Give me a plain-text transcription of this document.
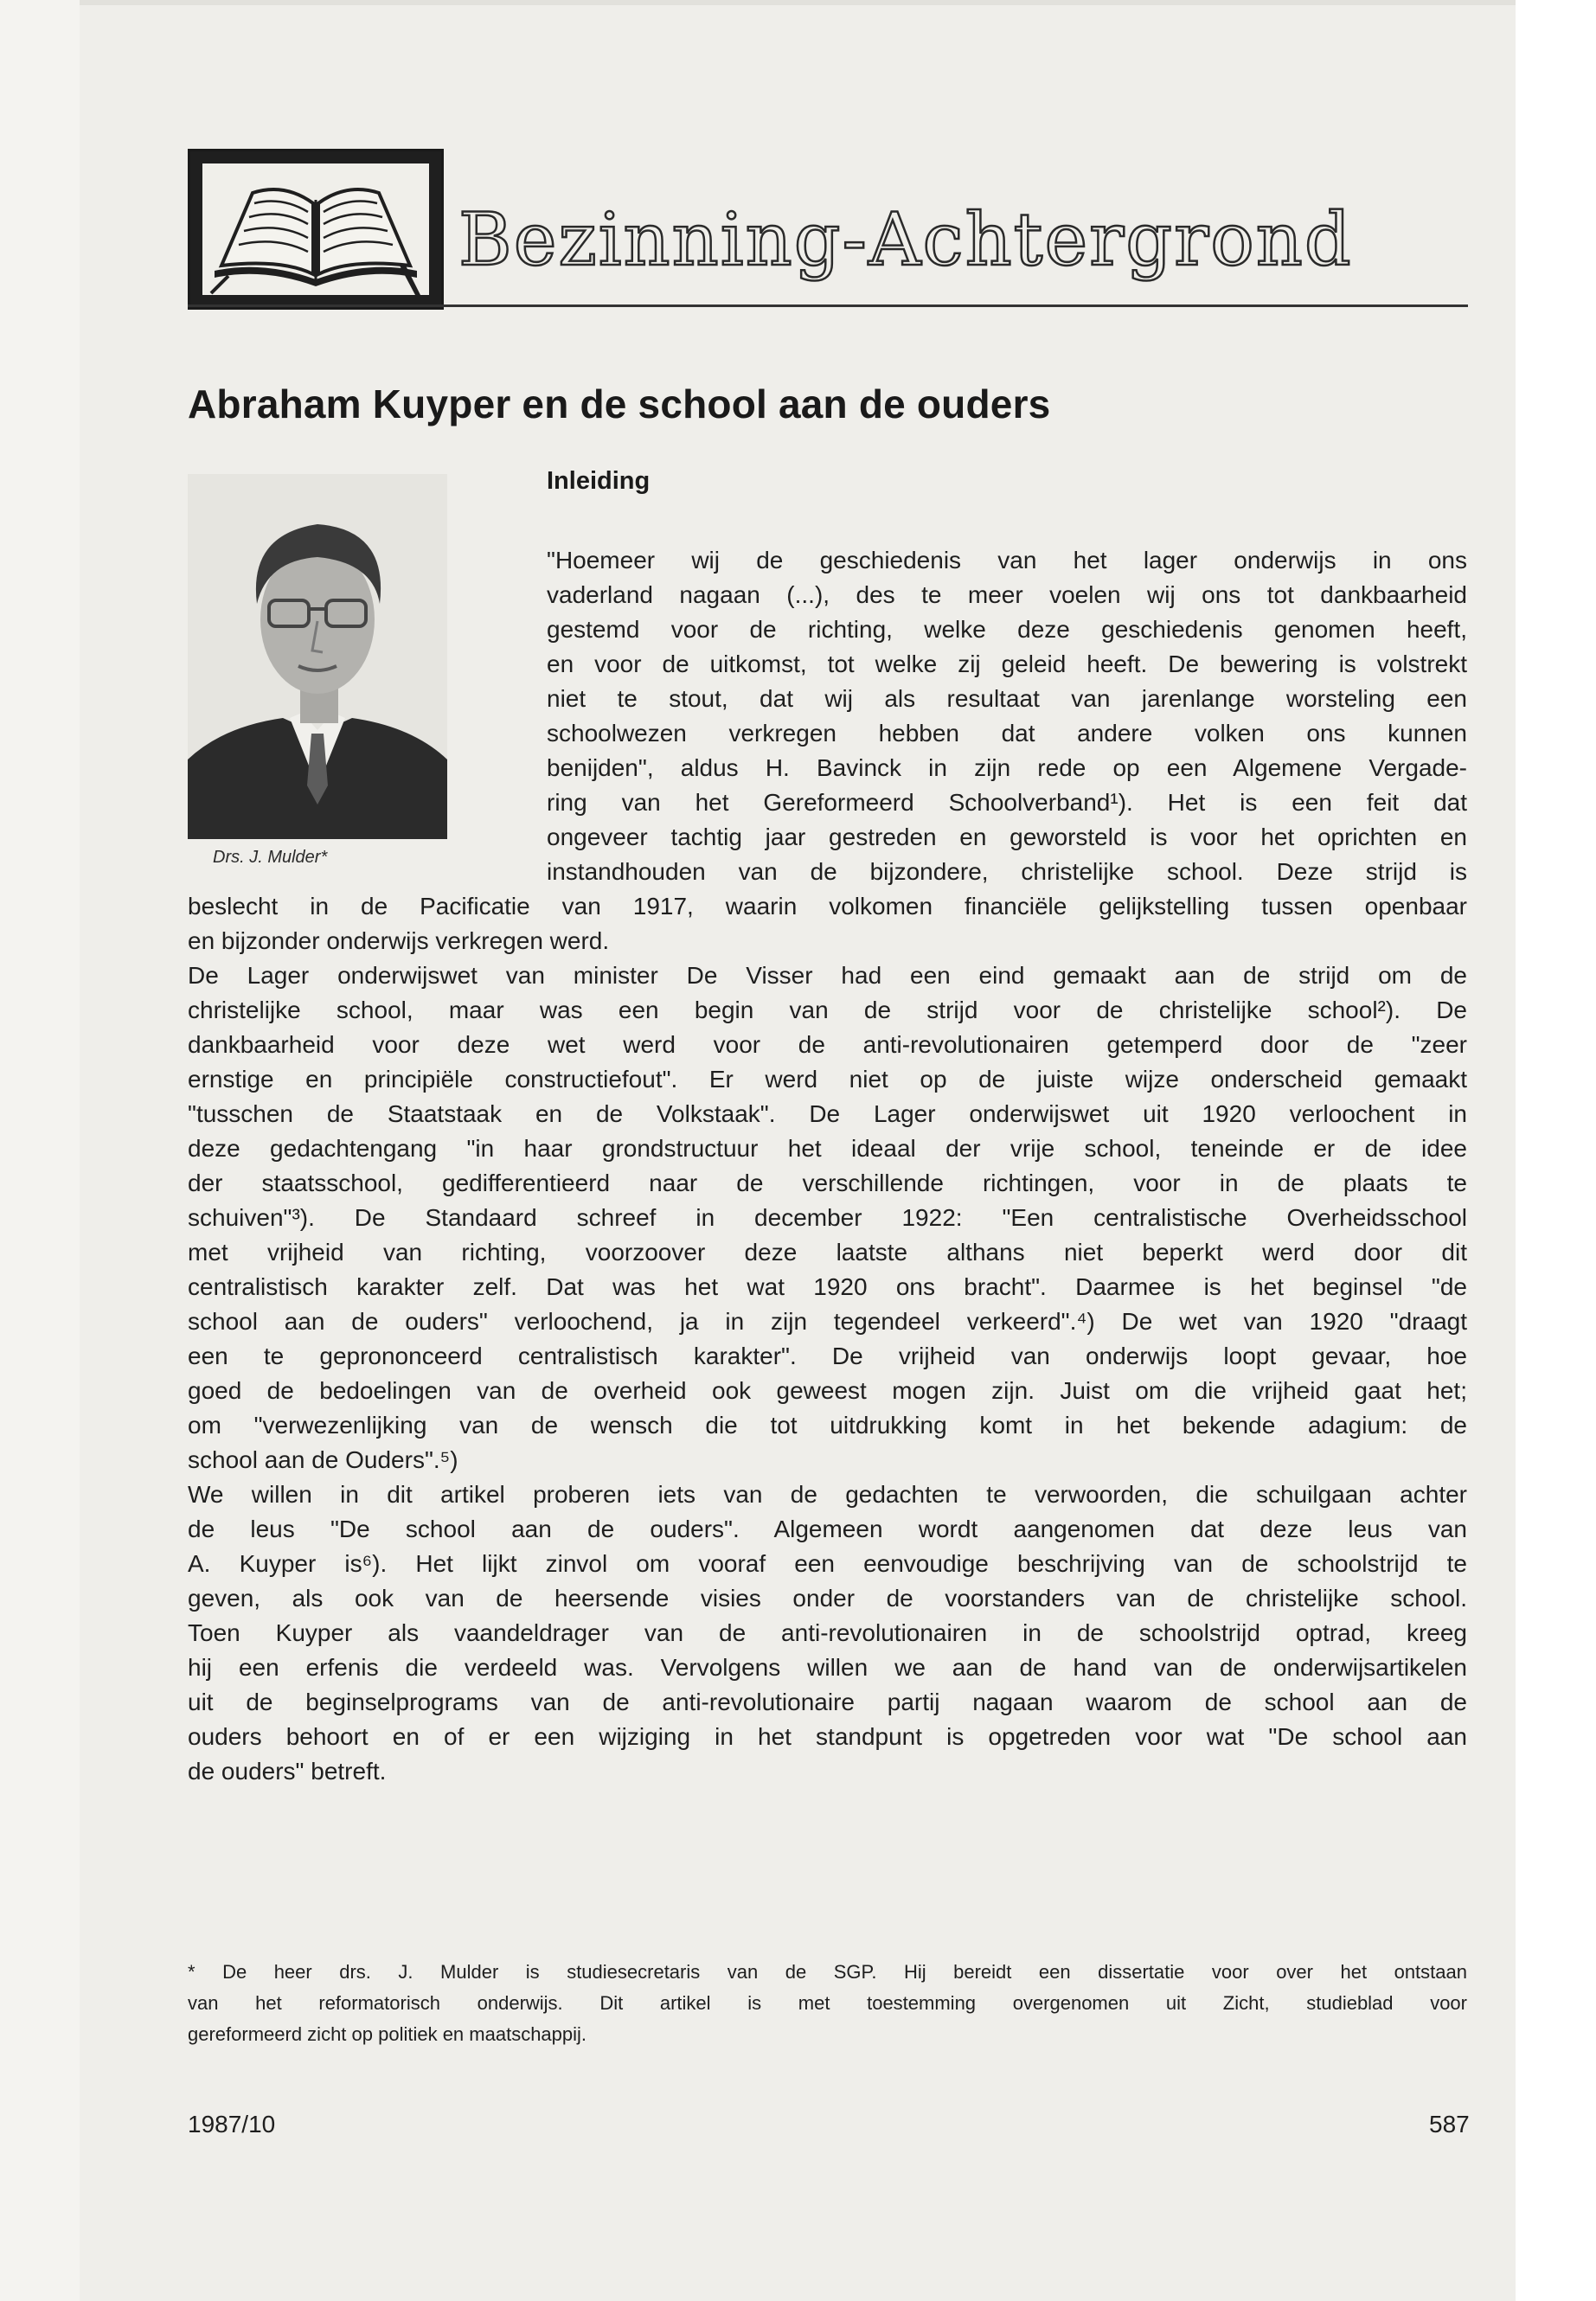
Bezinning-Achtergrond
Abraham Kuyper en de school aan de ouders
Drs. J. Mulder*
Inleiding
"Hoemeer wij de geschiedenis van het lager onderwijs in ons
vaderland nagaan (...), des te meer voelen wij ons tot dankbaarheid
gestemd voor de richting, welke deze geschiedenis genomen heeft,
en voor de uitkomst, tot welke zij geleid heeft. De bewering is volstrekt
niet te stout, dat wij als resultaat van jarenlange worsteling een
schoolwezen verkregen hebben dat andere volken ons kunnen
benijden", aldus H. Bavinck in zijn rede op een Algemene Vergade-
ring van het Gereformeerd Schoolverband¹). Het is een feit dat
ongeveer tachtig jaar gestreden en geworsteld is voor het oprichten en
instandhouden van de bijzondere, christelijke school. Deze strijd is
beslecht in de Pacificatie van 1917, waarin volkomen financiële gelijkstelling tussen openbaar
en bijzonder onderwijs verkregen werd.
De Lager onderwijswet van minister De Visser had een eind gemaakt aan de strijd om de
christelijke school, maar was een begin van de strijd voor de christelijke school²). De
dankbaarheid voor deze wet werd voor de anti-revolutionairen getemperd door de "zeer
ernstige en principiële constructiefout". Er werd niet op de juiste wijze onderscheid gemaakt
"tusschen de Staatstaak en de Volkstaak". De Lager onderwijswet uit 1920 verloochent in
deze gedachtengang "in haar grondstructuur het ideaal der vrije school, teneinde er de idee
der staatsschool, gedifferentieerd naar de verschillende richtingen, voor in de plaats te
schuiven"³). De Standaard schreef in december 1922: "Een centralistische Overheidsschool
met vrijheid van richting, voorzoover deze laatste althans niet beperkt werd door dit
centralistisch karakter zelf. Dat was het wat 1920 ons bracht". Daarmee is het beginsel "de
school aan de ouders" verloochend, ja in zijn tegendeel verkeerd".⁴) De wet van 1920 "draagt
een te geprononceerd centralistisch karakter". De vrijheid van onderwijs loopt gevaar, hoe
goed de bedoelingen van de overheid ook geweest mogen zijn. Juist om die vrijheid gaat het;
om "verwezenlijking van de wensch die tot uitdrukking komt in het bekende adagium: de
school aan de Ouders".⁵)
We willen in dit artikel proberen iets van de gedachten te verwoorden, die schuilgaan achter
de leus "De school aan de ouders". Algemeen wordt aangenomen dat deze leus van
A. Kuyper is⁶). Het lijkt zinvol om vooraf een eenvoudige beschrijving van de schoolstrijd te
geven, als ook van de heersende visies onder de voorstanders van de christelijke school.
Toen Kuyper als vaandeldrager van de anti-revolutionairen in de schoolstrijd optrad, kreeg
hij een erfenis die verdeeld was. Vervolgens willen we aan de hand van de onderwijsartikelen
uit de beginselprograms van de anti-revolutionaire partij nagaan waarom de school aan de
ouders behoort en of er een wijziging in het standpunt is opgetreden voor wat "De school aan
de ouders" betreft.
* De heer drs. J. Mulder is studiesecretaris van de SGP. Hij bereidt een dissertatie voor over het ontstaan
van het reformatorisch onderwijs. Dit artikel is met toestemming overgenomen uit Zicht, studieblad voor
gereformeerd zicht op politiek en maatschappij.
1987/10	587
